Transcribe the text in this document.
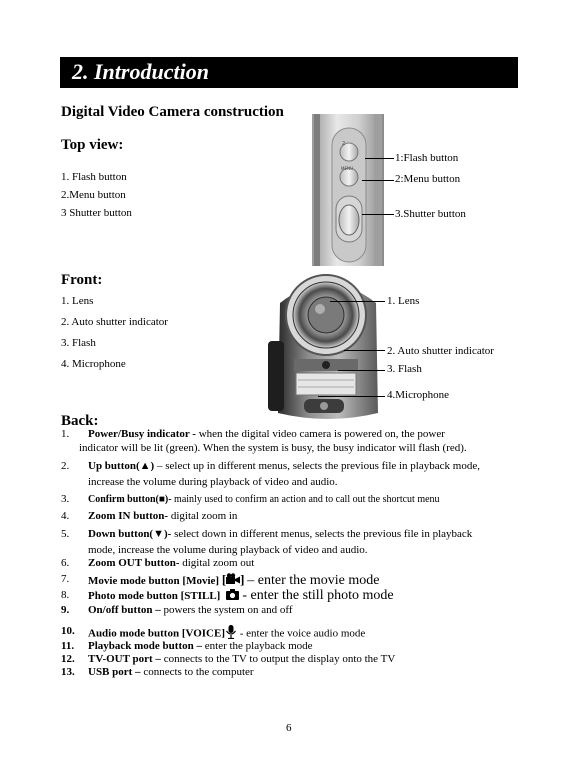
2. Introduction
Digital Video Camera construction
Top view:
1. Flash button
2.Menu button
3 Shutter button
2
MENU
1:Flash button
2:Menu button
3.Shutter button
Front:
1. Lens
2. Auto shutter indicator
3. Flash
4. Microphone
1. Lens
2. Auto shutter indicator
3. Flash
4.Microphone
Back:
1.	Power/Busy indicator - when the digital video camera is powered on, the power
indicator will be lit (green). When the system is busy, the busy indicator will flash (red).
2.	Up button(▲) – select up in different menus, selects the previous file in playback mode,
increase the volume during playback of video and audio.
3.	Confirm button(■)- mainly used to confirm an action and to call out the shortcut menu
4.	Zoom IN button- digital zoom in
5.	Down button(▼)- select down in different menus, selects the previous file in playback
mode, increase the volume during playback of video and audio.
6.	Zoom OUT button- digital zoom out
7.	Movie mode button [Movie] [ ] – enter the movie mode
8.	Photo mode button [STILL]   - enter the still photo mode
9.	On/off button – powers the system on and off
10.	Audio mode button [VOICE] - enter the voice audio mode
11.	Playback mode button – enter the playback mode
12.	TV-OUT port – connects to the TV to output the display onto the TV
13.	USB port – connects to the computer
6
